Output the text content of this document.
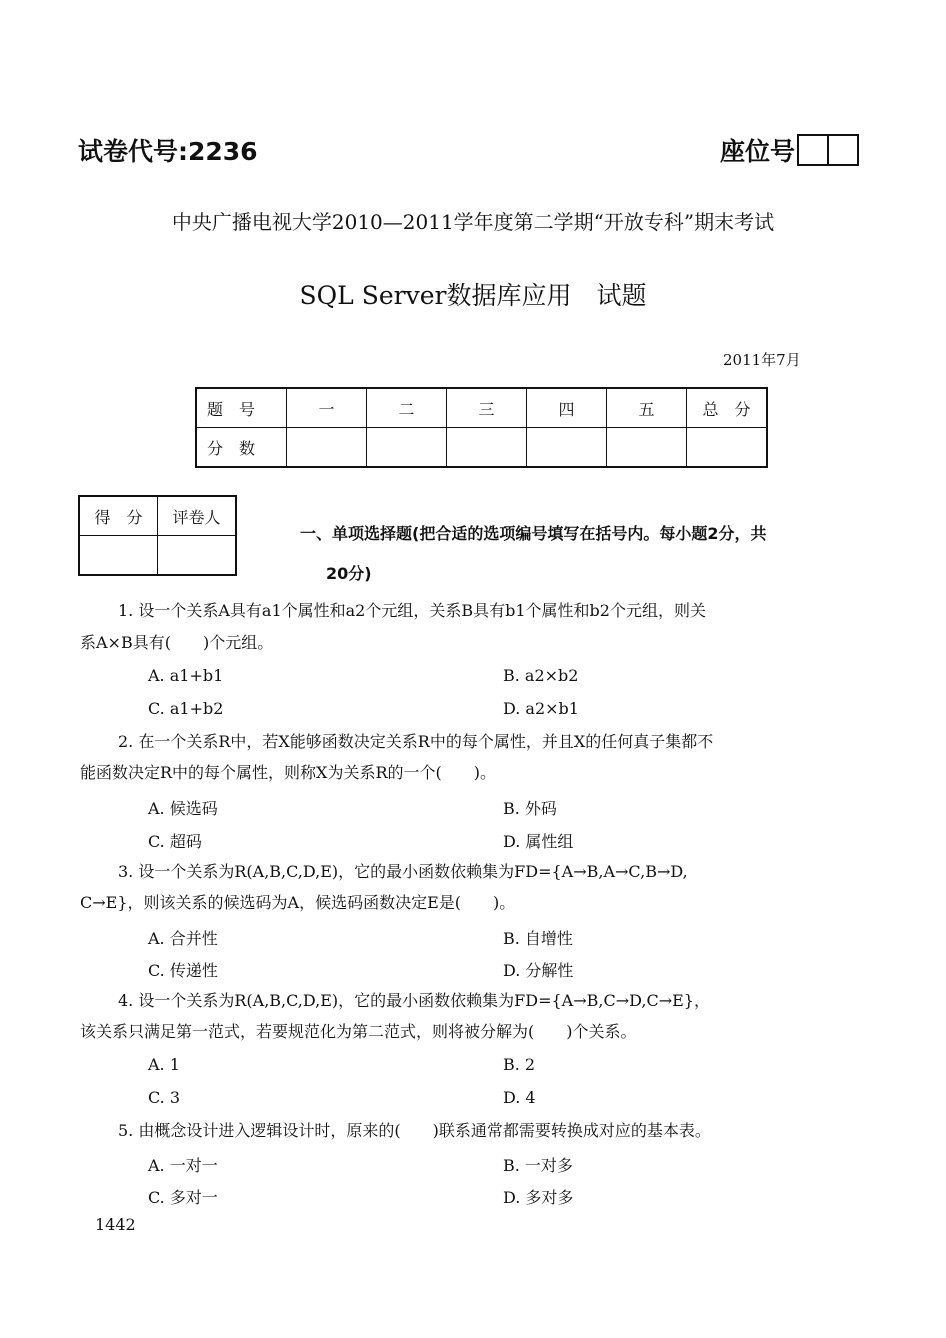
试卷代号:2236	座位号
中央广播电视大学2010—2011学年度第二学期“开放专科”期末考试
SQL Server数据库应用　试题
2011年7月
题　号	一	二	三	四	五	总　分
分　数						
得　分	评卷人

一、单项选择题(把合适的选项编号填写在括号内。每小题2分，共
20分)
1. 设一个关系A具有a1个属性和a2个元组，关系B具有b1个属性和b2个元组，则关
系A×B具有(　　)个元组。
A. a1+b1	B. a2×b2
C. a1+b2	D. a2×b1
2. 在一个关系R中，若X能够函数决定关系R中的每个属性，并且X的任何真子集都不
能函数决定R中的每个属性，则称X为关系R的一个(　　)。
A. 候选码	B. 外码
C. 超码	D. 属性组
3. 设一个关系为R(A,B,C,D,E)，它的最小函数依赖集为FD={A→B,A→C,B→D,
C→E}，则该关系的候选码为A，候选码函数决定E是(　　)。
A. 合并性	B. 自增性
C. 传递性	D. 分解性
4. 设一个关系为R(A,B,C,D,E)，它的最小函数依赖集为FD={A→B,C→D,C→E}，
该关系只满足第一范式，若要规范化为第二范式，则将被分解为(　　)个关系。
A. 1	B. 2
C. 3	D. 4
5. 由概念设计进入逻辑设计时，原来的(　　)联系通常都需要转换成对应的基本表。
A. 一对一	B. 一对多
C. 多对一	D. 多对多
1442
